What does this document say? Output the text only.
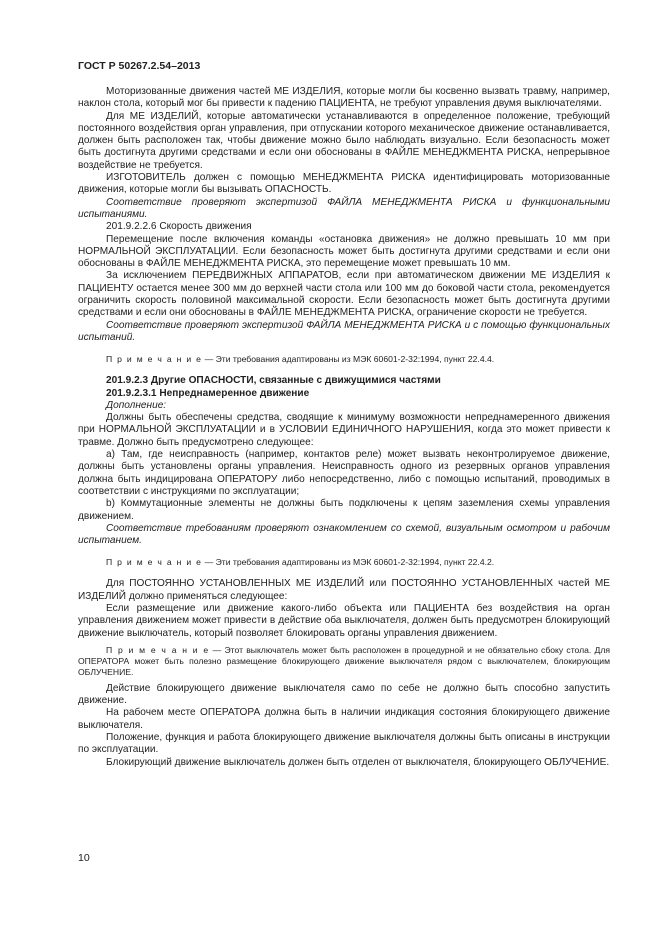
ГОСТ Р 50267.2.54–2013

Моторизованные движения частей МЕ ИЗДЕЛИЯ, которые могли бы косвенно вызвать травму, например, наклон стола, который мог бы привести к падению ПАЦИЕНТА, не требуют управления двумя выключателями.

Для МЕ ИЗДЕЛИЙ, которые автоматически устанавливаются в определенное положение, требующий постоянного воздействия орган управления, при отпускании которого механическое движение останавливается, должен быть расположен так, чтобы движение можно было наблюдать визуально. Если безопасность может быть достигнута другими средствами и если они обоснованы в ФАЙЛЕ МЕНЕДЖМЕНТА РИСКА, непрерывное воздействие не требуется.

ИЗГОТОВИТЕЛЬ должен с помощью МЕНЕДЖМЕНТА РИСКА идентифицировать моторизованные движения, которые могли бы вызывать ОПАСНОСТЬ.

Соответствие проверяют экспертизой ФАЙЛА МЕНЕДЖМЕНТА РИСКА и функциональными испытаниями.

201.9.2.2.6 Скорость движения

Перемещение после включения команды «остановка движения» не должно превышать 10 мм при НОРМАЛЬНОЙ ЭКСПЛУАТАЦИИ. Если безопасность может быть достигнута другими средствами и если они обоснованы в ФАЙЛЕ МЕНЕДЖМЕНТА РИСКА, это перемещение может превышать 10 мм.

За исключением ПЕРЕДВИЖНЫХ АППАРАТОВ, если при автоматическом движении МЕ ИЗДЕЛИЯ к ПАЦИЕНТУ остается менее 300 мм до верхней части стола или 100 мм до боковой части стола, рекомендуется ограничить скорость половиной максимальной скорости. Если безопасность может быть достигнута другими средствами и если они обоснованы в ФАЙЛЕ МЕНЕДЖМЕНТА РИСКА, ограничение скорости не требуется.

Соответствие проверяют экспертизой ФАЙЛА МЕНЕДЖМЕНТА РИСКА и с помощью функциональных испытаний.

П р и м е ч а н и е — Эти требования адаптированы из МЭК 60601-2-32:1994, пункт 22.4.4.

201.9.2.3 Другие ОПАСНОСТИ, связанные с движущимися частями

201.9.2.3.1 Непреднамеренное движение

Дополнение:

Должны быть обеспечены средства, сводящие к минимуму возможности непреднамеренного движения при НОРМАЛЬНОЙ ЭКСПЛУАТАЦИИ и в УСЛОВИИ ЕДИНИЧНОГО НАРУШЕНИЯ, когда это может привести к травме. Должно быть предусмотрено следующее:

a) Там, где неисправность (например, контактов реле) может вызвать неконтролируемое движение, должны быть установлены органы управления. Неисправность одного из резервных органов управления должна быть индицирована ОПЕРАТОРУ либо непосредственно, либо с помощью испытаний, проводимых в соответствии с инструкциями по эксплуатации;

b) Коммутационные элементы не должны быть подключены к цепям заземления схемы управления движением.

Соответствие требованиям проверяют ознакомлением со схемой, визуальным осмотром и рабочим испытанием.

П р и м е ч а н и е — Эти требования адаптированы из МЭК 60601-2-32:1994, пункт 22.4.2.

Для ПОСТОЯННО УСТАНОВЛЕННЫХ МЕ ИЗДЕЛИЙ или ПОСТОЯННО УСТАНОВЛЕННЫХ частей МЕ ИЗДЕЛИЙ должно применяться следующее:

Если размещение или движение какого-либо объекта или ПАЦИЕНТА без воздействия на орган управления движением может привести в действие оба выключателя, должен быть предусмотрен блокирующий движение выключатель, который позволяет блокировать органы управления движением.

П р и м е ч а н и е — Этот выключатель может быть расположен в процедурной и не обязательно сбоку стола. Для ОПЕРАТОРА может быть полезно размещение блокирующего движение выключателя рядом с выключателем, блокирующим ОБЛУЧЕНИЕ.

Действие блокирующего движение выключателя само по себе не должно быть способно запустить движение.

На рабочем месте ОПЕРАТОРА должна быть в наличии индикация состояния блокирующего движение выключателя.

Положение, функция и работа блокирующего движение выключателя должны быть описаны в инструкции по эксплуатации.

Блокирующий движение выключатель должен быть отделен от выключателя, блокирующего ОБЛУЧЕНИЕ.

10
